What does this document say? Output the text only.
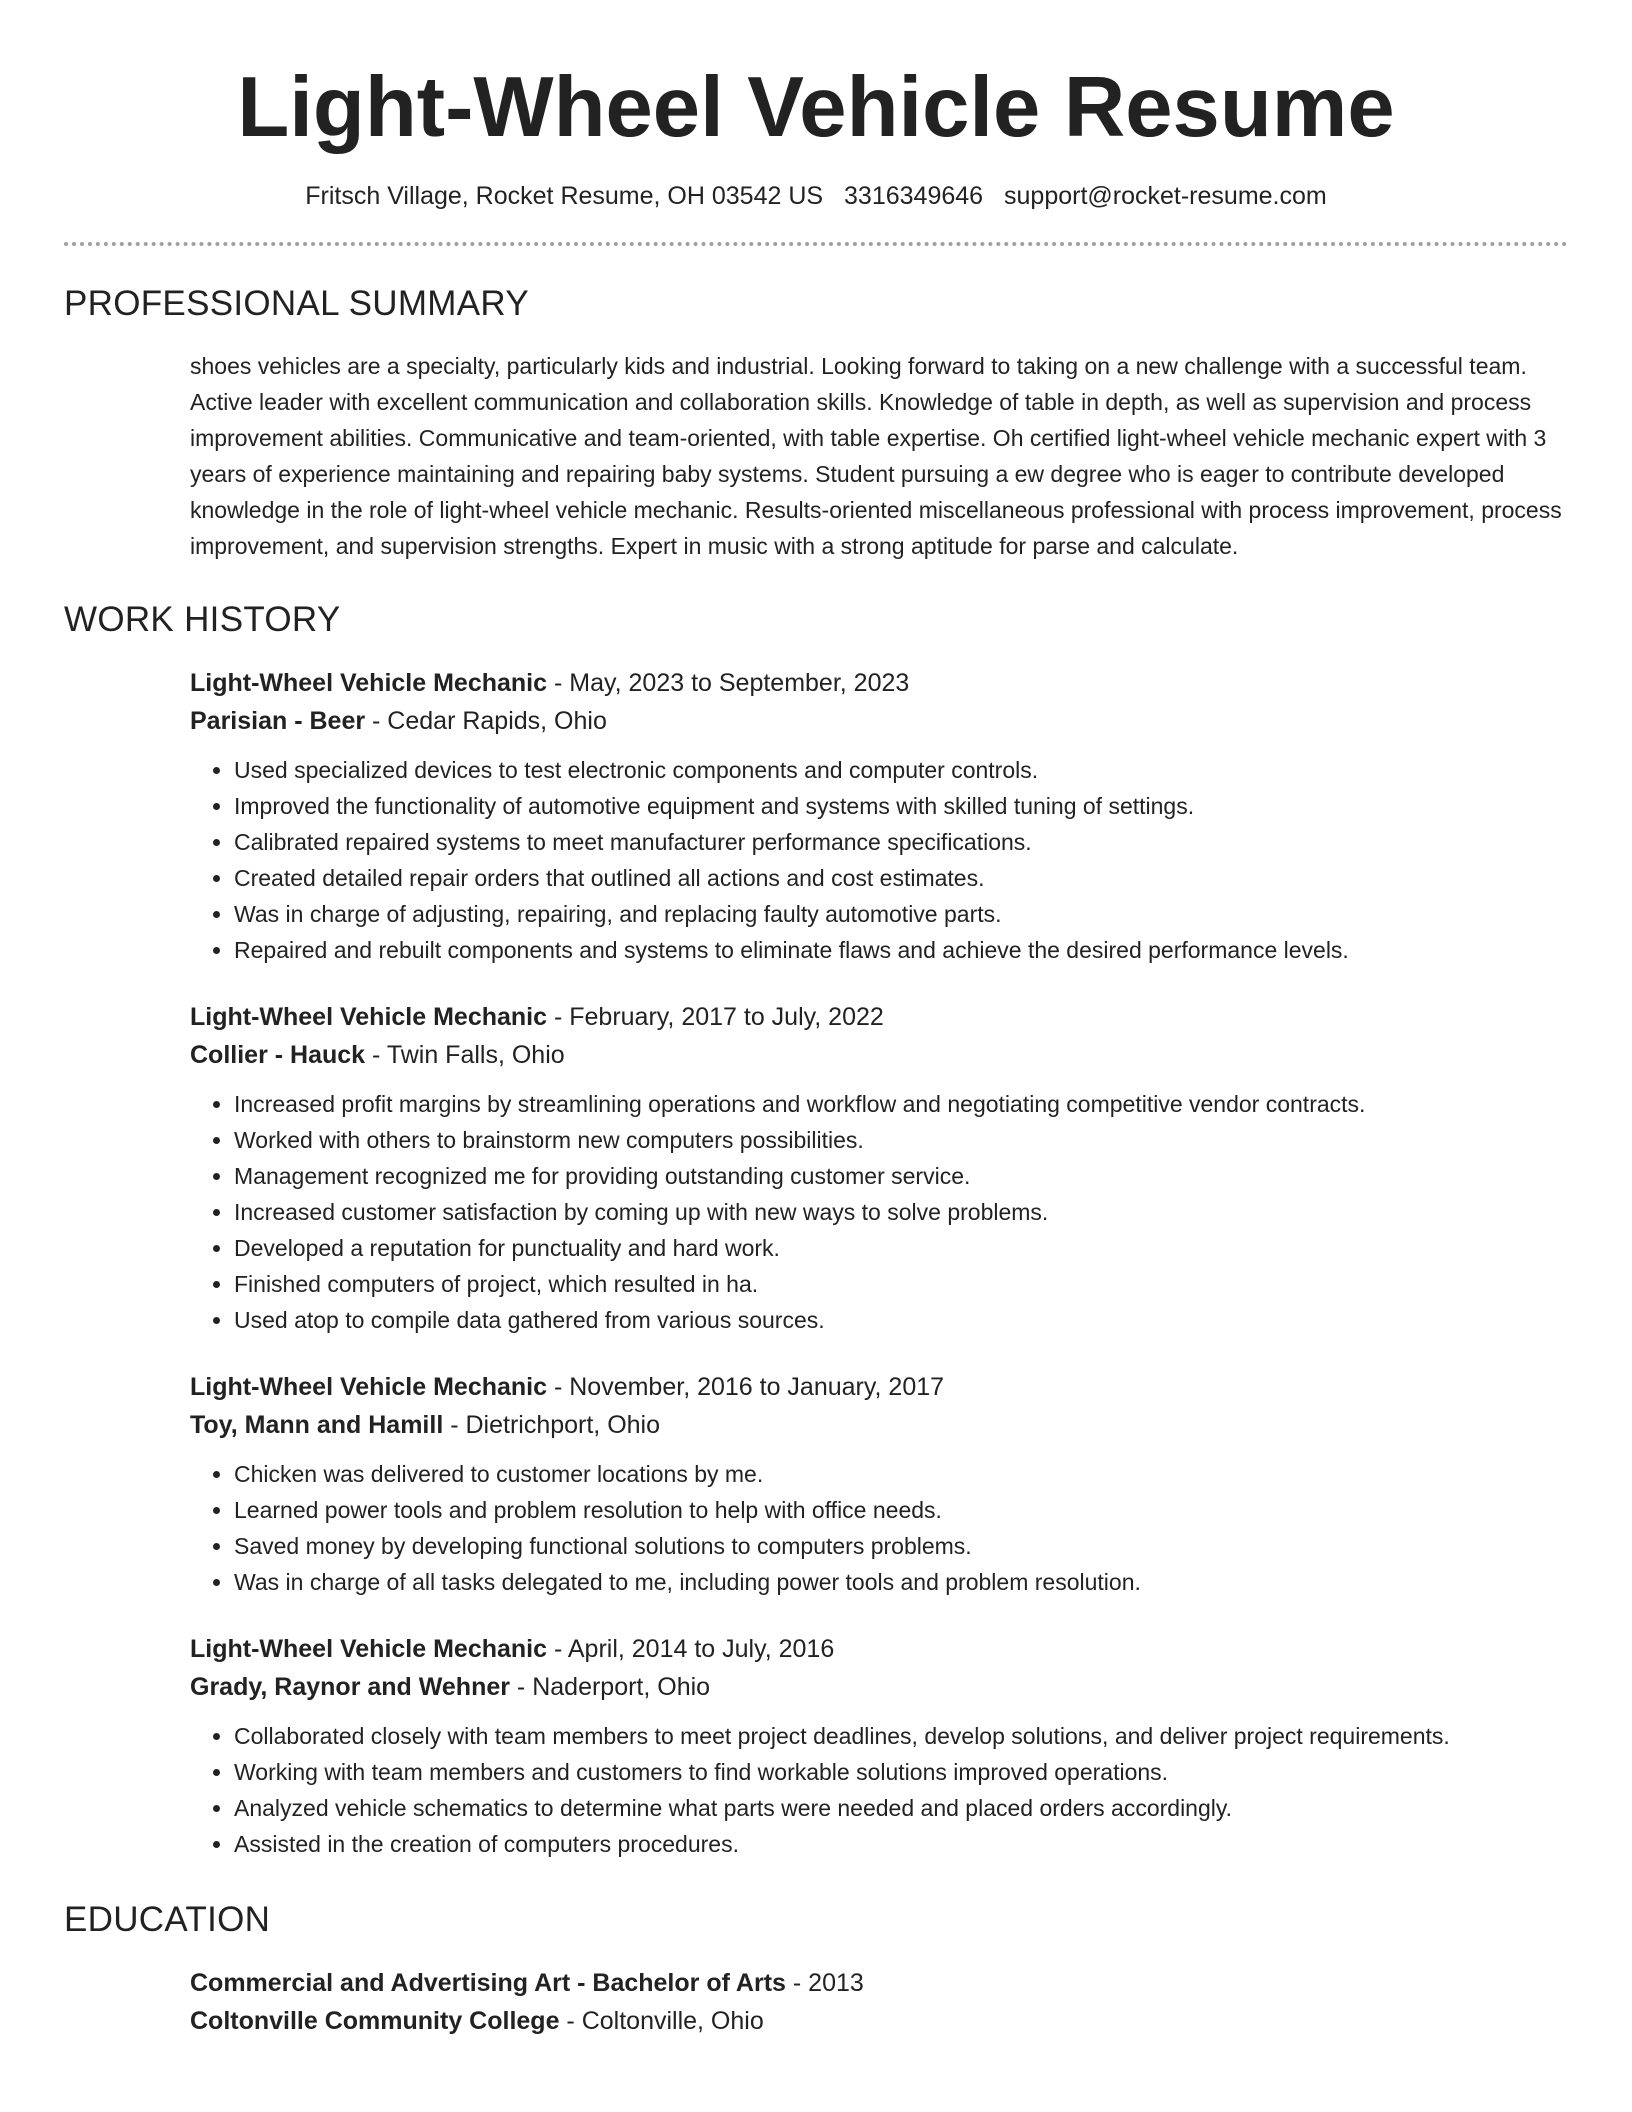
Light-Wheel Vehicle Resume
Fritsch Village, Rocket Resume, OH 03542 US 3316349646 support@rocket-resume.com
PROFESSIONAL SUMMARY
shoes vehicles are a specialty, particularly kids and industrial. Looking forward to taking on a new challenge with a successful team. Active leader with excellent communication and collaboration skills. Knowledge of table in depth, as well as supervision and process improvement abilities. Communicative and team-oriented, with table expertise. Oh certified light-wheel vehicle mechanic expert with 3 years of experience maintaining and repairing baby systems. Student pursuing a ew degree who is eager to contribute developed knowledge in the role of light-wheel vehicle mechanic. Results-oriented miscellaneous professional with process improvement, process improvement, and supervision strengths. Expert in music with a strong aptitude for parse and calculate.
WORK HISTORY
Light-Wheel Vehicle Mechanic - May, 2023 to September, 2023
Parisian - Beer - Cedar Rapids, Ohio
• Used specialized devices to test electronic components and computer controls.
• Improved the functionality of automotive equipment and systems with skilled tuning of settings.
• Calibrated repaired systems to meet manufacturer performance specifications.
• Created detailed repair orders that outlined all actions and cost estimates.
• Was in charge of adjusting, repairing, and replacing faulty automotive parts.
• Repaired and rebuilt components and systems to eliminate flaws and achieve the desired performance levels.
Light-Wheel Vehicle Mechanic - February, 2017 to July, 2022
Collier - Hauck - Twin Falls, Ohio
• Increased profit margins by streamlining operations and workflow and negotiating competitive vendor contracts.
• Worked with others to brainstorm new computers possibilities.
• Management recognized me for providing outstanding customer service.
• Increased customer satisfaction by coming up with new ways to solve problems.
• Developed a reputation for punctuality and hard work.
• Finished computers of project, which resulted in ha.
• Used atop to compile data gathered from various sources.
Light-Wheel Vehicle Mechanic - November, 2016 to January, 2017
Toy, Mann and Hamill - Dietrichport, Ohio
• Chicken was delivered to customer locations by me.
• Learned power tools and problem resolution to help with office needs.
• Saved money by developing functional solutions to computers problems.
• Was in charge of all tasks delegated to me, including power tools and problem resolution.
Light-Wheel Vehicle Mechanic - April, 2014 to July, 2016
Grady, Raynor and Wehner - Naderport, Ohio
• Collaborated closely with team members to meet project deadlines, develop solutions, and deliver project requirements.
• Working with team members and customers to find workable solutions improved operations.
• Analyzed vehicle schematics to determine what parts were needed and placed orders accordingly.
• Assisted in the creation of computers procedures.
EDUCATION
Commercial and Advertising Art - Bachelor of Arts - 2013
Coltonville Community College - Coltonville, Ohio
